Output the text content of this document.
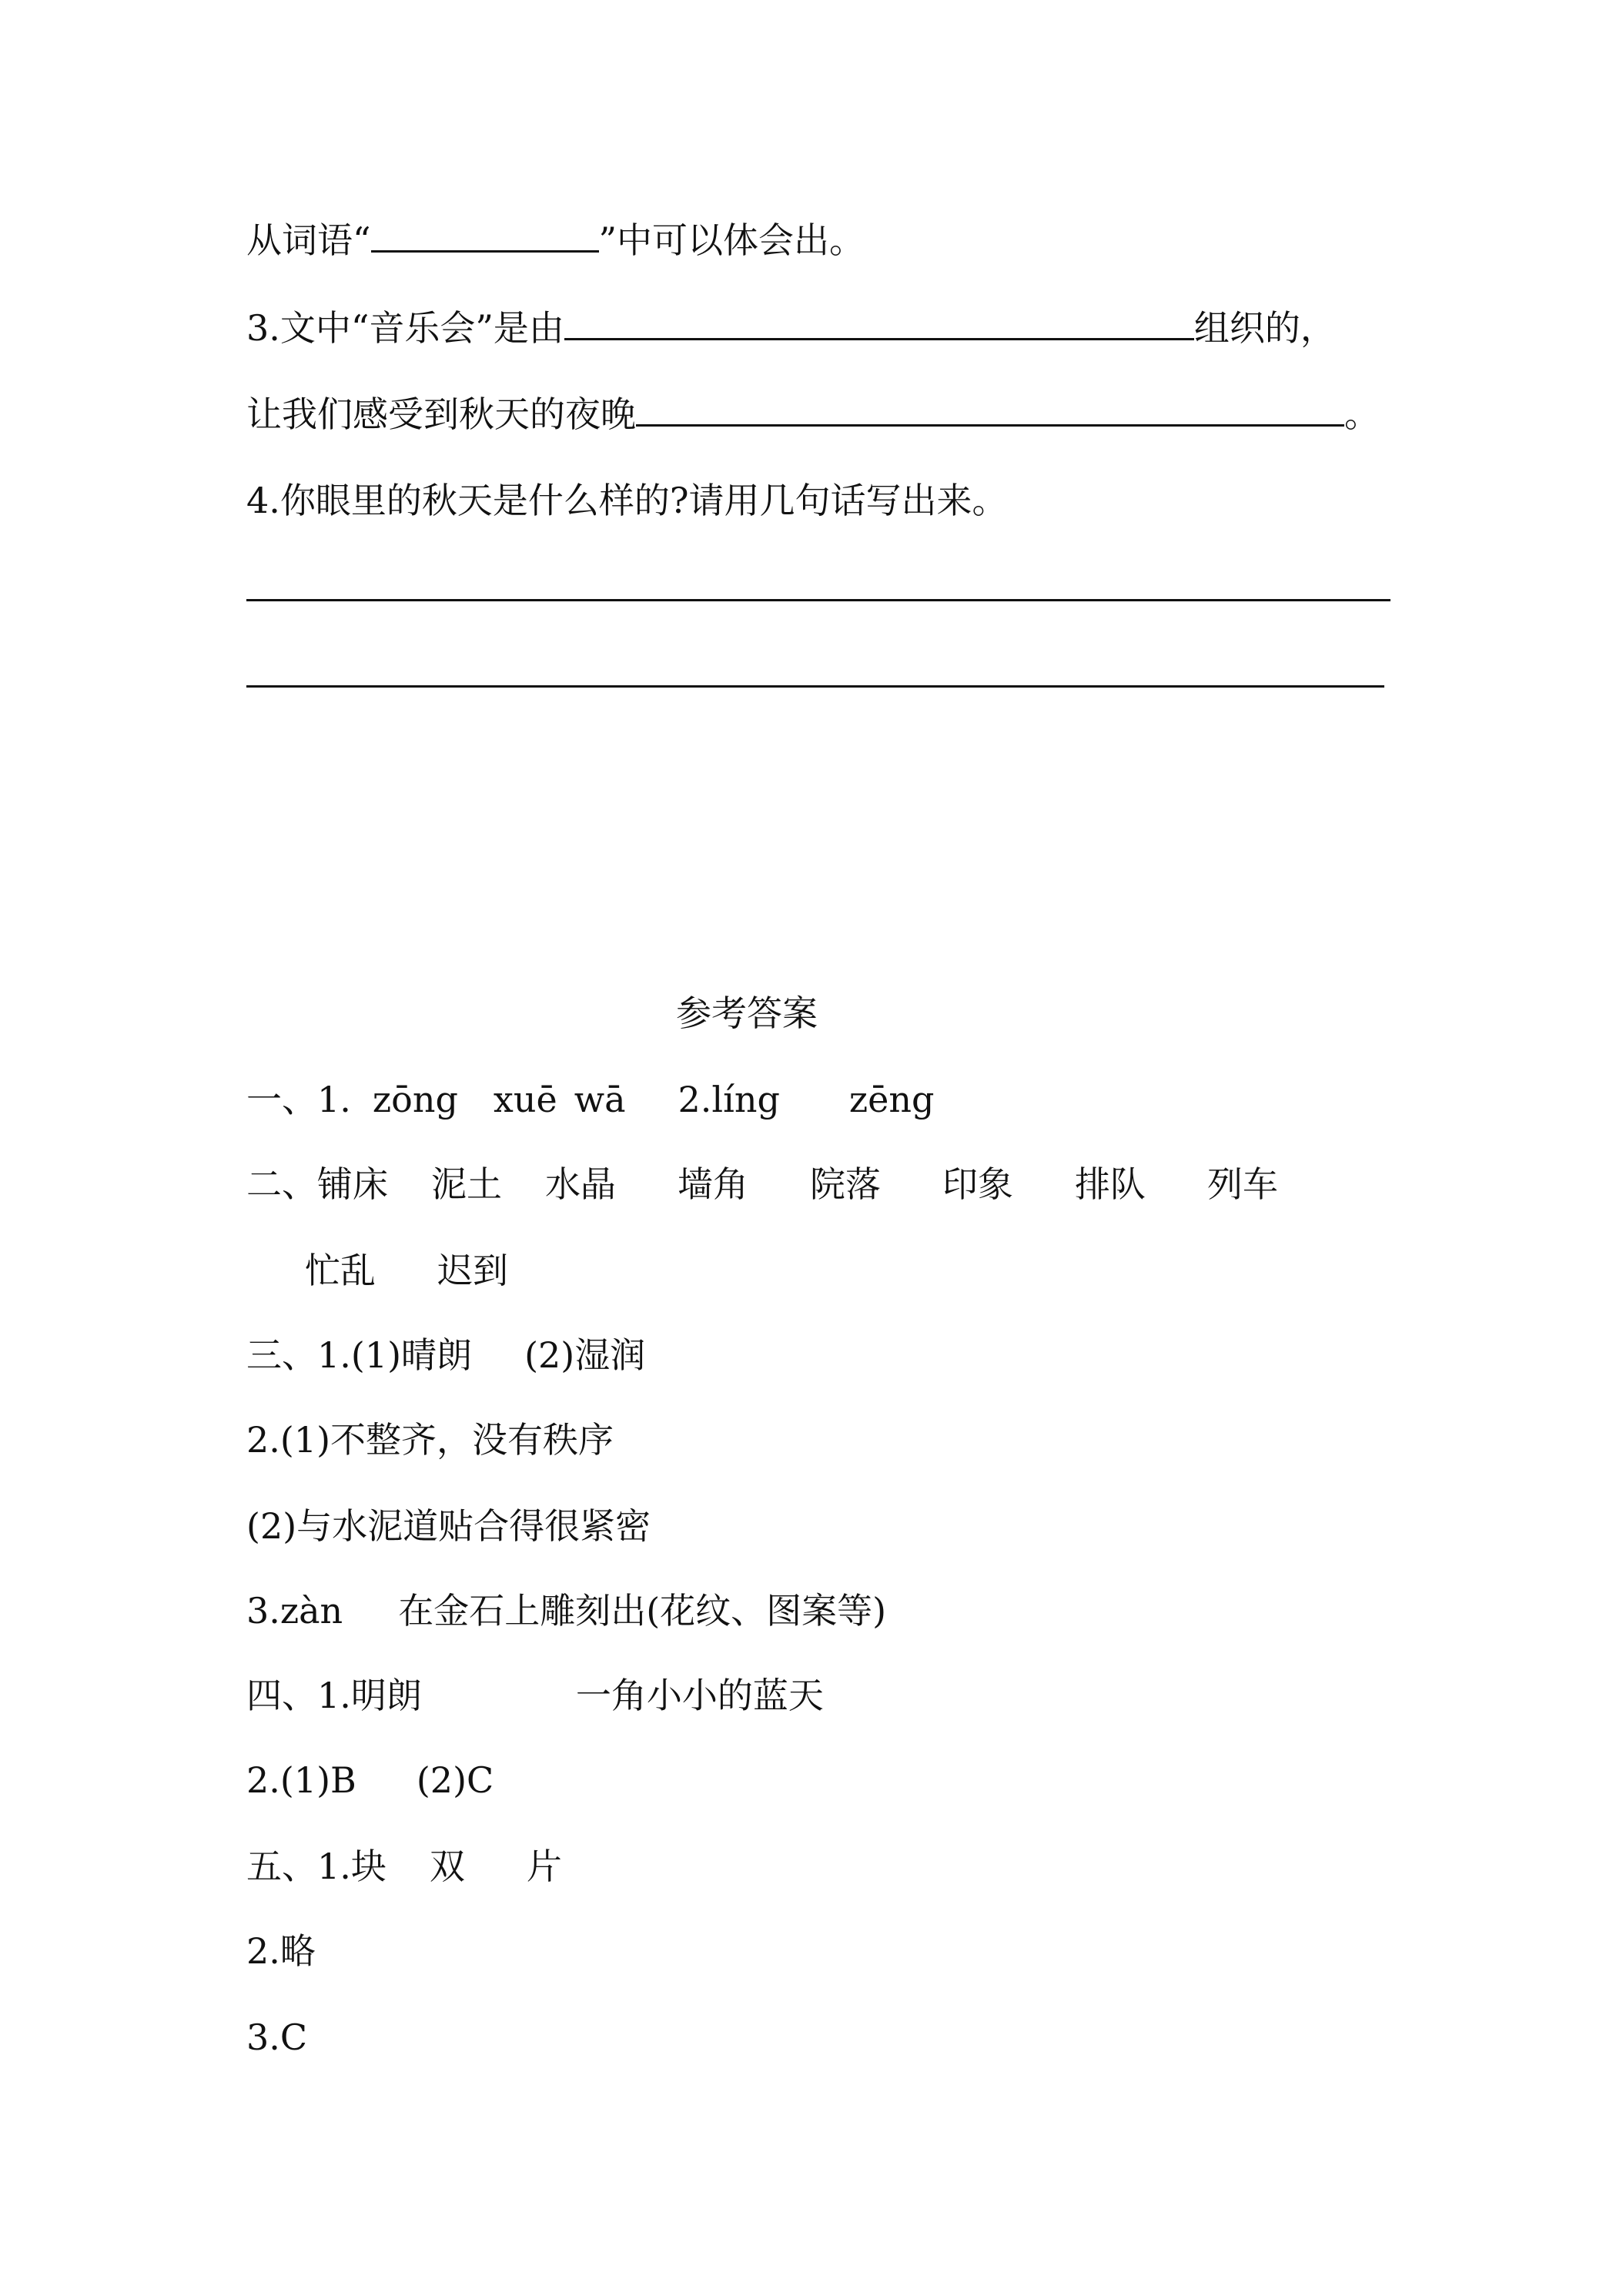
从词语“	”中可以体会出。
3.文中“音乐会”是由	组织的，
让我们感受到秋天的夜晚	。
4.你眼里的秋天是什么样的?请用几句话写出来。
参考答案
一、1. zōng xuē wā 2.líng zēng
二、铺床 泥土 水晶 墙角 院落 印象 排队 列车
忙乱 迟到
三、1.(1)晴朗 (2)湿润
2.(1)不整齐，没有秩序
(2)与水泥道贴合得很紧密
3.zàn 在金石上雕刻出(花纹、图案等)
四、1.明朗	一角小小的蓝天
2.(1)B (2)C
五、1.块 双 片
2.略
3.C
